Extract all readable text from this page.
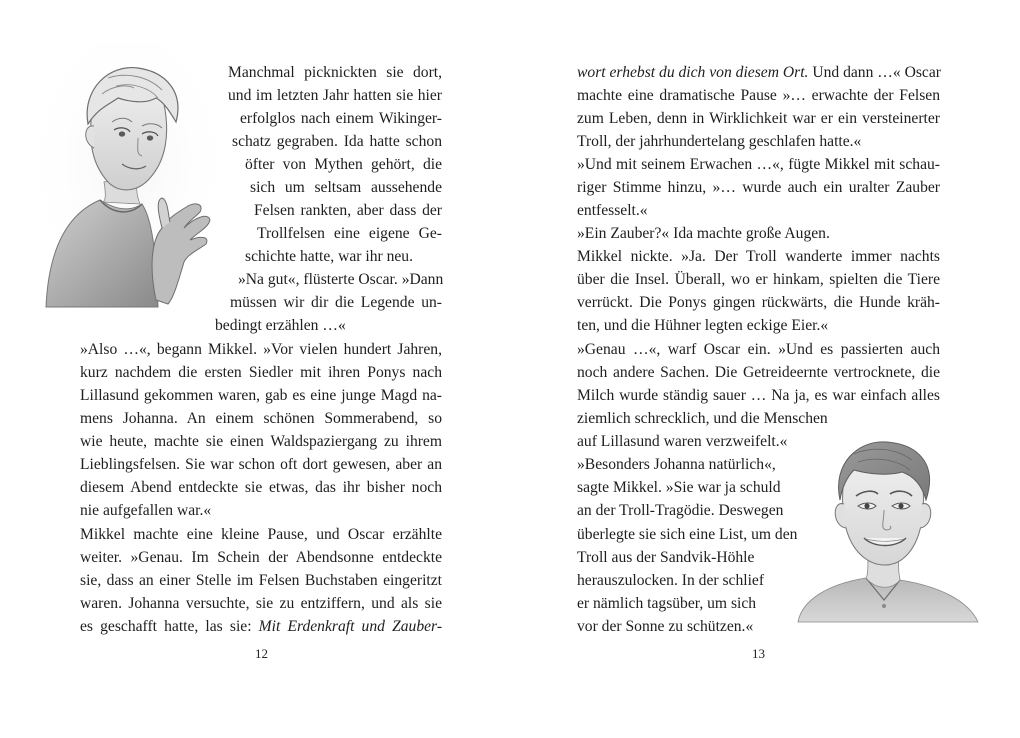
Manchmal picknickten sie dort,
und im letzten Jahr hatten sie hier
erfolglos nach einem Wikinger-
schatz gegraben. Ida hatte schon
öfter von Mythen gehört, die
sich um seltsam aussehende
Felsen rankten, aber dass der
Trollfelsen eine eigene Ge-
schichte hatte, war ihr neu.
»Na gut«, flüsterte Oscar. »Dann
müssen wir dir die Legende un-
bedingt erzählen …«
»Also …«, begann Mikkel. »Vor vielen hundert Jahren,
kurz nachdem die ersten Siedler mit ihren Ponys nach
Lillasund gekommen waren, gab es eine junge Magd na-
mens Johanna. An einem schönen Sommerabend, so
wie heute, machte sie einen Waldspaziergang zu ihrem
Lieblingsfelsen. Sie war schon oft dort gewesen, aber an
diesem Abend entdeckte sie etwas, das ihr bisher noch
nie aufgefallen war.«
Mikkel machte eine kleine Pause, und Oscar erzählte
weiter. »Genau. Im Schein der Abendsonne entdeckte
sie, dass an einer Stelle im Felsen Buchstaben eingeritzt
waren. Johanna versuchte, sie zu entziffern, und als sie
es geschafft hatte, las sie: Mit Erdenkraft und Zauber-
12
wort erhebst du dich von diesem Ort. Und dann …« Oscar
machte eine dramatische Pause »… erwachte der Felsen
zum Leben, denn in Wirklichkeit war er ein versteinerter
Troll, der jahrhundertelang geschlafen hatte.«
»Und mit seinem Erwachen …«, fügte Mikkel mit schau-
riger Stimme hinzu, »… wurde auch ein uralter Zauber
entfesselt.«
»Ein Zauber?« Ida machte große Augen.
Mikkel nickte. »Ja. Der Troll wanderte immer nachts
über die Insel. Überall, wo er hinkam, spielten die Tiere
verrückt. Die Ponys gingen rückwärts, die Hunde kräh-
ten, und die Hühner legten eckige Eier.«
»Genau …«, warf Oscar ein. »Und es passierten auch
noch andere Sachen. Die Getreideernte vertrocknete, die
Milch wurde ständig sauer … Na ja, es war einfach alles
ziemlich schrecklich, und die Menschen
auf Lillasund waren verzweifelt.«
»Besonders Johanna natürlich«,
sagte Mikkel. »Sie war ja schuld
an der Troll-Tragödie. Deswegen
überlegte sie sich eine List, um den
Troll aus der Sandvik-Höhle
herauszulocken. In der schlief
er nämlich tagsüber, um sich
vor der Sonne zu schützen.«
13
